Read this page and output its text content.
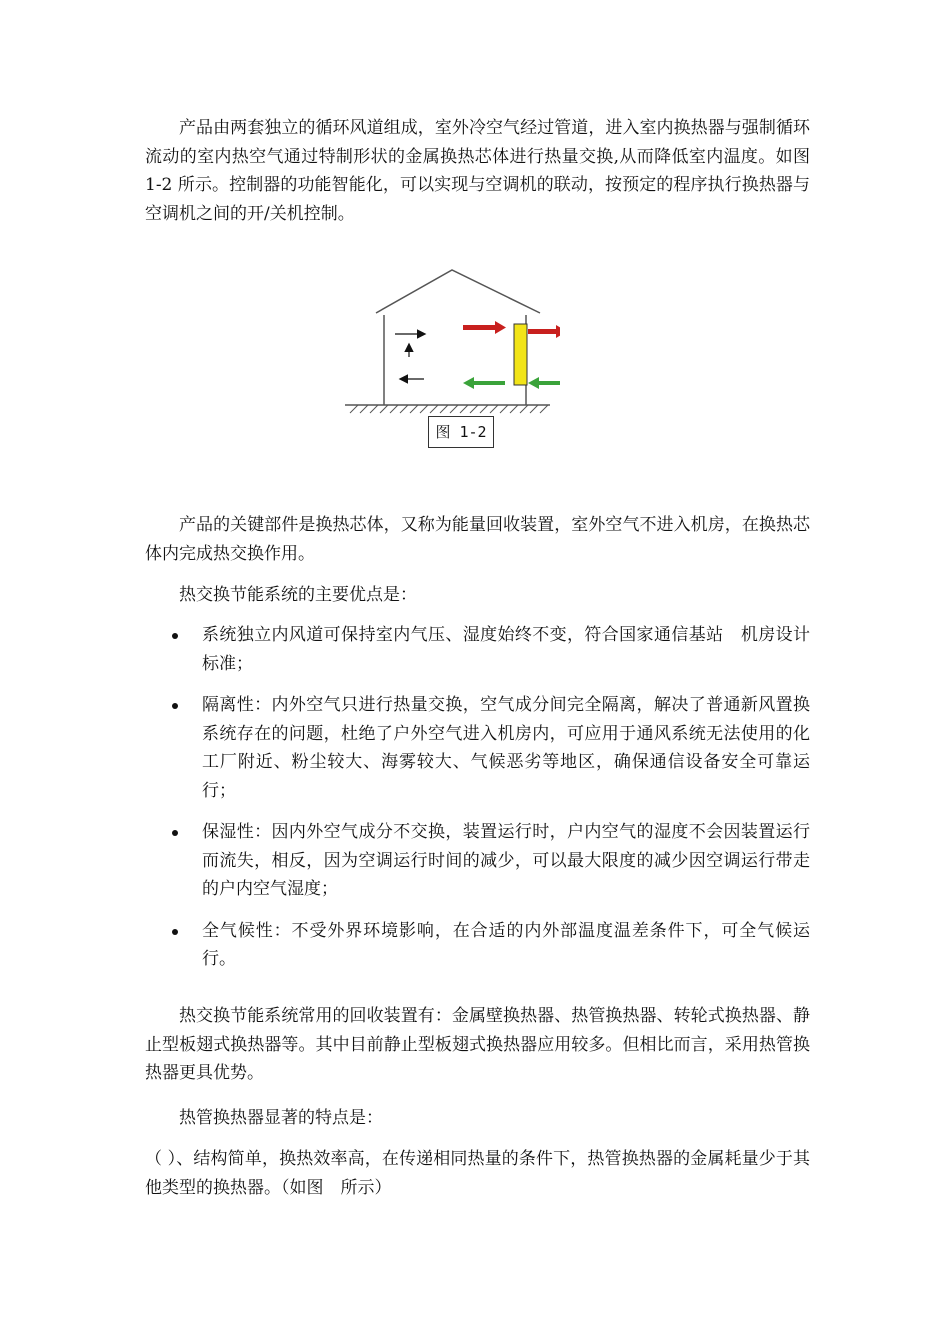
产品由两套独立的循环风道组成，室外冷空气经过管道，进入室内换热器与强制循环流动的室内热空气通过特制形状的金属换热芯体进行热量交换,从而降低室内温度。如图 1-2 所示。控制器的功能智能化，可以实现与空调机的联动，按预定的程序执行换热器与空调机之间的开/关机控制。

图 1-2

产品的关键部件是换热芯体，又称为能量回收装置，室外空气不进入机房，在换热芯体内完成热交换作用。

热交换节能系统的主要优点是：

系统独立内风道可保持室内气压、湿度始终不变，符合国家通信基站　机房设计标准；
隔离性：内外空气只进行热量交换，空气成分间完全隔离，解决了普通新风置换系统存在的问题，杜绝了户外空气进入机房内，可应用于通风系统无法使用的化工厂附近、粉尘较大、海雾较大、气候恶劣等地区，确保通信设备安全可靠运行；
保湿性：因内外空气成分不交换，装置运行时，户内空气的湿度不会因装置运行而流失，相反，因为空调运行时间的减少，可以最大限度的减少因空调运行带走的户内空气湿度；
全气候性：不受外界环境影响，在合适的内外部温度温差条件下，可全气候运行。

热交换节能系统常用的回收装置有：金属壁换热器、热管换热器、转轮式换热器、静止型板翅式换热器等。其中目前静止型板翅式换热器应用较多。但相比而言，采用热管换热器更具优势。

热管换热器显著的特点是：

（ ）、结构简单，换热效率高，在传递相同热量的条件下，热管换热器的金属耗量少于其他类型的换热器。（如图　所示）
